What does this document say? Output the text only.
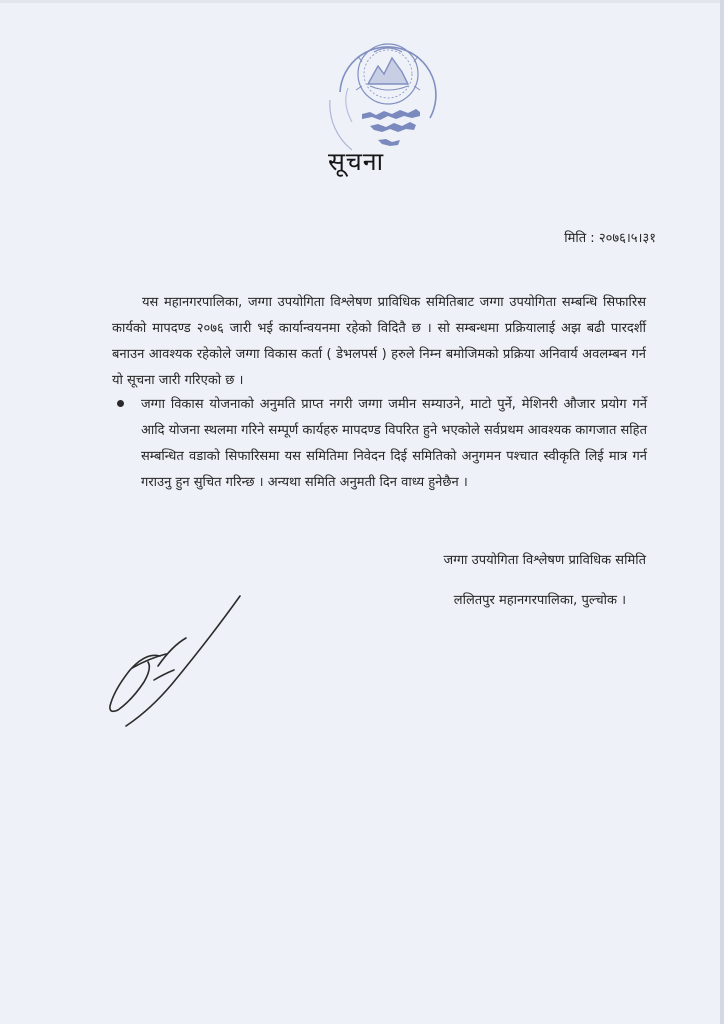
सूचना
मिति : २०७६।५।३१

यस महानगरपालिका, जग्गा उपयोगिता विश्लेषण प्राविधिक समितिबाट जग्गा उपयोगिता सम्बन्धि सिफारिस कार्यको मापदण्ड २०७६ जारी भई कार्यान्वयनमा रहेको विदितै छ । सो सम्बन्धमा प्रक्रियालाई अझ बढी पारदर्शी बनाउन आवश्यक रहेकोले जग्गा विकास कर्ता ( डेभलपर्स ) हरुले निम्न बमोजिमको प्रक्रिया अनिवार्य अवलम्बन गर्न यो सूचना जारी गरिएको छ ।

जग्गा विकास योजनाको अनुमति प्राप्त नगरी जग्गा जमीन सम्याउने, माटो पुर्ने, मेशिनरी औजार प्रयोग गर्ने आदि योजना स्थलमा गरिने सम्पूर्ण कार्यहरु मापदण्ड विपरित हुने भएकोले सर्वप्रथम आवश्यक कागजात सहित सम्बन्धित वडाको सिफारिसमा यस समितिमा निवेदन दिई समितिको अनुगमन पश्चात स्वीकृति लिई मात्र गर्न गराउनु हुन सुचित गरिन्छ । अन्यथा समिति अनुमती दिन वाध्य हुनेछैन ।

जग्गा उपयोगिता विश्लेषण प्राविधिक समिति
ललितपुर महानगरपालिका, पुल्चोक ।
